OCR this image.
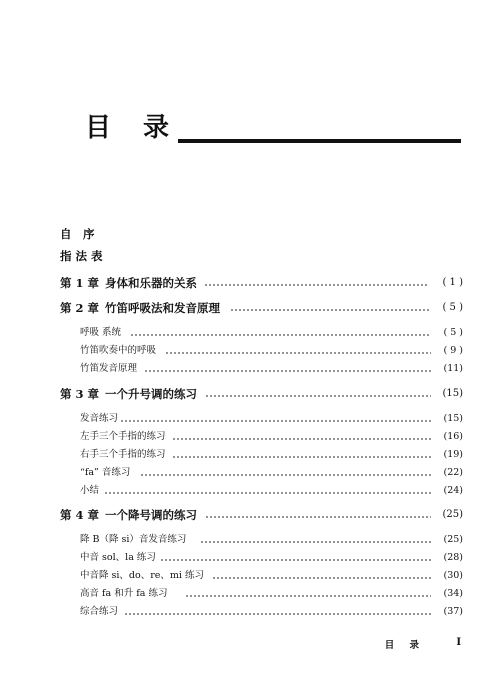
目 录
自　序
指 法 表
第 1 章 身体和乐器的关系	( 1 )
第 2 章 竹笛呼吸法和发音原理	( 5 )
呼吸 系统	( 5 )
竹笛吹奏中的呼吸	( 9 )
竹笛发音原理	(11)
第 3 章 一个升号调的练习	(15)
发音练习	(15)
左手三个手指的练习	(16)
右手三个手指的练习	(19)
“fa” 音练习	(22)
小结	(24)
第 4 章 一个降号调的练习	(25)
降 B（降 si）音发音练习	(25)
中音 sol、la 练习	(28)
中音降 si、do、re、mi 练习	(30)
高音 fa 和升 fa 练习	(34)
综合练习	(37)
目 录	I
